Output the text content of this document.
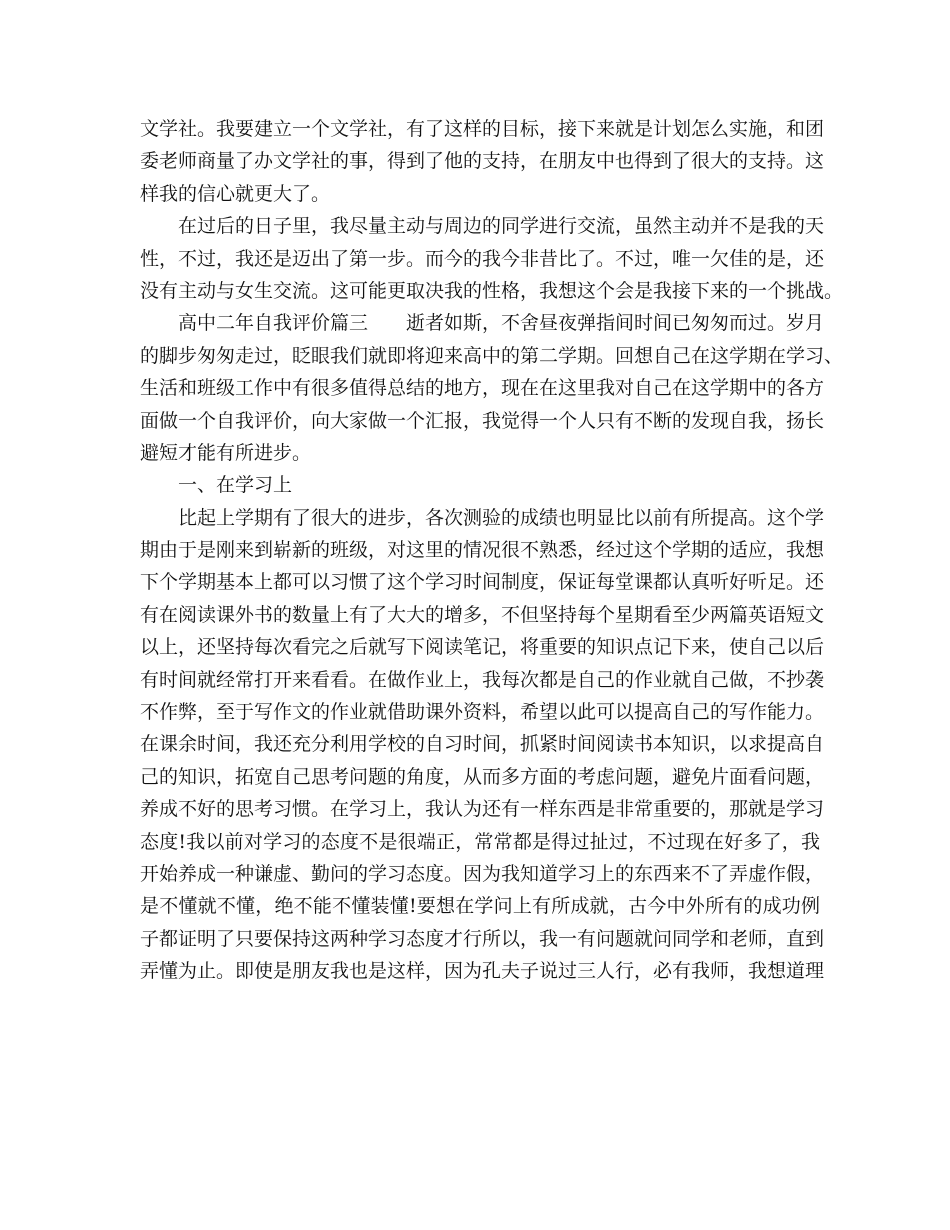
文学社。我要建立一个文学社，有了这样的目标，接下来就是计划怎么实施，和团
委老师商量了办文学社的事，得到了他的支持，在朋友中也得到了很大的支持。这
样我的信心就更大了。
在过后的日子里，我尽量主动与周边的同学进行交流，虽然主动并不是我的天
性，不过，我还是迈出了第一步。而今的我今非昔比了。不过，唯一欠佳的是，还
没有主动与女生交流。这可能更取决我的性格，我想这个会是我接下来的一个挑战。
高中二年自我评价篇三　　逝者如斯，不舍昼夜弹指间时间已匆匆而过。岁月
的脚步匆匆走过，眨眼我们就即将迎来高中的第二学期。回想自己在这学期在学习、
生活和班级工作中有很多值得总结的地方，现在在这里我对自己在这学期中的各方
面做一个自我评价，向大家做一个汇报，我觉得一个人只有不断的发现自我，扬长
避短才能有所进步。
一、在学习上
比起上学期有了很大的进步，各次测验的成绩也明显比以前有所提高。这个学
期由于是刚来到崭新的班级，对这里的情况很不熟悉，经过这个学期的适应，我想
下个学期基本上都可以习惯了这个学习时间制度，保证每堂课都认真听好听足。还
有在阅读课外书的数量上有了大大的增多，不但坚持每个星期看至少两篇英语短文
以上，还坚持每次看完之后就写下阅读笔记，将重要的知识点记下来，使自己以后
有时间就经常打开来看看。在做作业上，我每次都是自己的作业就自己做，不抄袭
不作弊，至于写作文的作业就借助课外资料，希望以此可以提高自己的写作能力。
在课余时间，我还充分利用学校的自习时间，抓紧时间阅读书本知识，以求提高自
己的知识，拓宽自己思考问题的角度，从而多方面的考虑问题，避免片面看问题，
养成不好的思考习惯。在学习上，我认为还有一样东西是非常重要的，那就是学习
态度!我以前对学习的态度不是很端正，常常都是得过扯过，不过现在好多了，我
开始养成一种谦虚、勤问的学习态度。因为我知道学习上的东西来不了弄虚作假，
是不懂就不懂，绝不能不懂装懂!要想在学问上有所成就，古今中外所有的成功例
子都证明了只要保持这两种学习态度才行所以，我一有问题就问同学和老师，直到
弄懂为止。即使是朋友我也是这样，因为孔夫子说过三人行，必有我师，我想道理
